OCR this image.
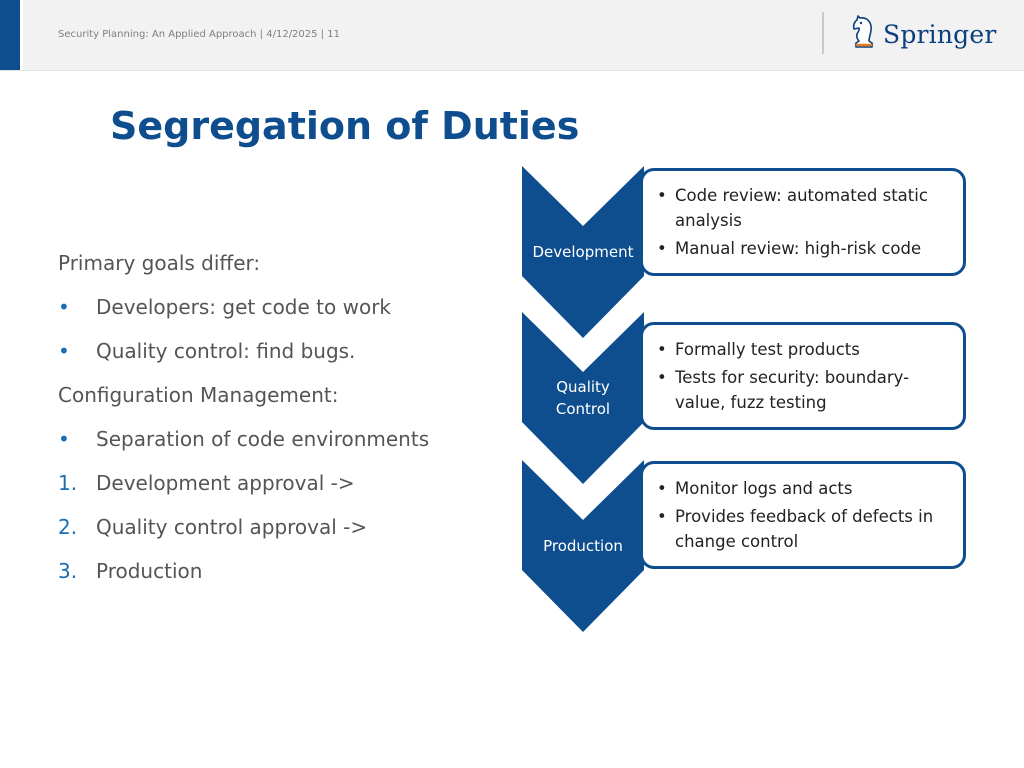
Security Planning: An Applied Approach | 4/12/2025 | 11	Springer
Segregation of Duties
Primary goals differ:
• Developers: get code to work
• Quality control: find bugs.
Configuration Management:
• Separation of code environments
1. Development approval ->
2. Quality control approval ->
3. Production
Development
• Code review: automated static analysis
• Manual review: high-risk code
Quality
Control
• Formally test products
• Tests for security: boundary-value, fuzz testing
Production
• Monitor logs and acts
• Provides feedback of defects in change control
